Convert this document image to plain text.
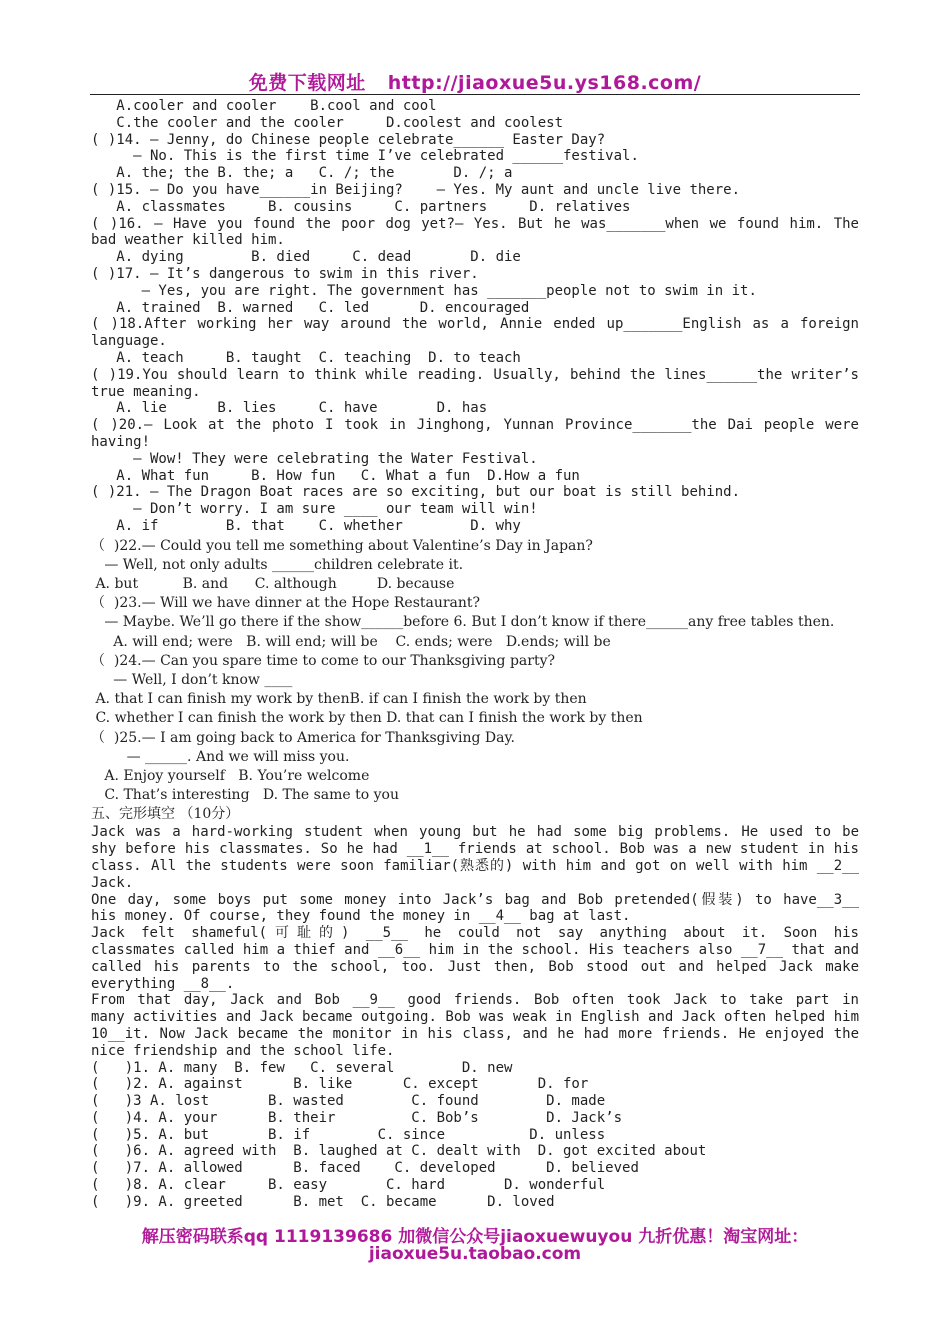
免费下载网址 http://jiaoxue5u.ys168.com/
A.cooler and cooler    B.cool and cool
C.the cooler and the cooler     D.coolest and coolest
( )14. — Jenny, do Chinese people celebrate______ Easter Day?
— No. This is the first time I’ve celebrated ______festival.
A. the; the B. the; a   C. /; the       D. /; a
( )15. — Do you have______in Beijing?    — Yes. My aunt and uncle live there.
A. classmates     B. cousins     C. partners     D. relatives
( )16. — Have you found the poor dog yet?— Yes. But he was_______when we found him. The
bad weather killed him.
A. dying        B. died     C. dead       D. die
( )17. — It’s dangerous to swim in this river.
— Yes, you are right. The government has _______people not to swim in it.
A. trained  B. warned   C. led      D. encouraged
( )18.After working her way around the world, Annie ended up_______English as a foreign
language.
A. teach     B. taught  C. teaching  D. to teach
( )19.You should learn to think while reading. Usually, behind the lines______the writer’s
true meaning.
A. lie      B. lies     C. have       D. has
( )20.— Look at the photo I took in Jinghong, Yunnan Province_______the Dai people were
having!
— Wow! They were celebrating the Water Festival.
A. What fun     B. How fun   C. What a fun  D.How a fun
( )21. — The Dragon Boat races are so exciting, but our boat is still behind.
— Don’t worry. I am sure ____ our team will win!
A. if        B. that    C. whether        D. why
（  )22.— Could you tell me something about Valentine’s Day in Japan?
— Well, not only adults ______children celebrate it.
A. but          B. and      C. although         D. because
（  )23.— Will we have dinner at the Hope Restaurant?
— Maybe. We’ll go there if the show______before 6. But I don’t know if there______any free tables then.
A. will end; were   B. will end; will be    C. ends; were   D.ends; will be
（  )24.— Can you spare time to come to our Thanksgiving party?
— Well, I don’t know ____
A. that I can finish my work by thenB. if can I finish the work by then
C. whether I can finish the work by then D. that can I finish the work by then
（  )25.— I am going back to America for Thanksgiving Day.
— ______. And we will miss you.
A. Enjoy yourself   B. You’re welcome
C. That’s interesting   D. The same to you
五、完形填空 （10分）
Jack was a hard-working student when young but he had some big problems. He used to be
shy before his classmates. So he had __1__ friends at school. Bob was a new student in his
class. All the students were soon familiar(熟悉的) with him and got on well with him __2__
Jack.
One day, some boys put some money into Jack’s bag and Bob pretended(假装) to have__3__
his money. Of course, they found the money in __4__ bag at last.
Jack felt shameful(可耻的) __5__ he could not say anything about it. Soon his
classmates called him a thief and __6__ him in the school. His teachers also __7__ that and
called his parents to the school, too. Just then, Bob stood out and helped Jack make
everything __8__.
From that day, Jack and Bob __9__ good friends. Bob often took Jack to take part in
many activities and Jack became outgoing. Bob was weak in English and Jack often helped him
10__it. Now Jack became the monitor in his class, and he had more friends. He enjoyed the
nice friendship and the school life.
(   )1. A. many  B. few   C. several        D. new
(   )2. A. against      B. like      C. except       D. for
(   )3 A. lost       B. wasted        C. found        D. made
(   )4. A. your      B. their         C. Bob’s        D. Jack’s
(   )5. A. but       B. if        C. since          D. unless
(   )6. A. agreed with  B. laughed at C. dealt with  D. got excited about
(   )7. A. allowed      B. faced    C. developed      D. believed
(   )8. A. clear     B. easy       C. hard       D. wonderful
(   )9. A. greeted      B. met  C. became      D. loved
解压密码联系qq 1119139686 加微信公众号jiaoxuewuyou 九折优惠！淘宝网址：
jiaoxue5u.taobao.com
